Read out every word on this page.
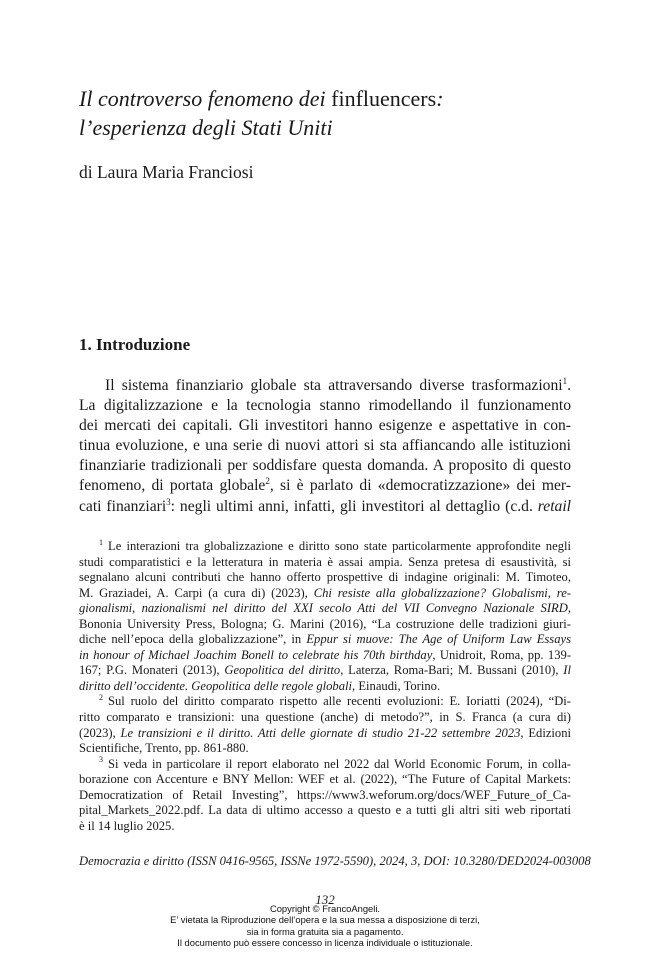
Il controverso fenomeno dei finfluencers:
l’esperienza degli Stati Uniti
di Laura Maria Franciosi
1. Introduzione
Il sistema finanziario globale sta attraversando diverse trasformazioni$^1$.
La digitalizzazione e la tecnologia stanno rimodellando il funzionamento
dei mercati dei capitali. Gli investitori hanno esigenze e aspettative in con-
tinua evoluzione, e una serie di nuovi attori si sta affiancando alle istituzioni
finanziarie tradizionali per soddisfare questa domanda. A proposito di questo
fenomeno, di portata globale$^2$, si è parlato di «democratizzazione» dei mer-
cati finanziari$^3$: negli ultimi anni, infatti, gli investitori al dettaglio (c.d. retail
$^1$ Le interazioni tra globalizzazione e diritto sono state particolarmente approfondite negli
studi comparatistici e la letteratura in materia è assai ampia. Senza pretesa di esaustività, si
segnalano alcuni contributi che hanno offerto prospettive di indagine originali: M. Timoteo,
M. Graziadei, A. Carpi (a cura di) (2023), Chi resiste alla globalizzazione? Globalismi, re-
gionalismi, nazionalismi nel diritto del XXI secolo Atti del VII Convegno Nazionale SIRD,
Bononia University Press, Bologna; G. Marini (2016), “La costruzione delle tradizioni giuri-
diche nell’epoca della globalizzazione”, in Eppur si muove: The Age of Uniform Law Essays
in honour of Michael Joachim Bonell to celebrate his 70th birthday, Unidroit, Roma, pp. 139-
167; P.G. Monateri (2013), Geopolitica del diritto, Laterza, Roma-Bari; M. Bussani (2010), Il
diritto dell’occidente. Geopolitica delle regole globali, Einaudi, Torino.
$^2$ Sul ruolo del diritto comparato rispetto alle recenti evoluzioni: E. Ioriatti (2024), “Di-
ritto comparato e transizioni: una questione (anche) di metodo?”, in S. Franca (a cura di)
(2023), Le transizioni e il diritto. Atti delle giornate di studio 21-22 settembre 2023, Edizioni
Scientifiche, Trento, pp. 861-880.
$^3$ Si veda in particolare il report elaborato nel 2022 dal World Economic Forum, in colla-
borazione con Accenture e BNY Mellon: WEF et al. (2022), “The Future of Capital Markets:
Democratization of Retail Investing”, https://www3.weforum.org/docs/WEF_Future_of_Ca-
pital_Markets_2022.pdf. La data di ultimo accesso a questo e a tutti gli altri siti web riportati
è il 14 luglio 2025.
Democrazia e diritto (ISSN 0416-9565, ISSNe 1972-5590), 2024, 3, DOI: 10.3280/DED2024-003008
132
Copyright © FrancoAngeli.
E’ vietata la Riproduzione dell’opera e la sua messa a disposizione di terzi,
sia in forma gratuita sia a pagamento.
Il documento può essere concesso in licenza individuale o istituzionale.
